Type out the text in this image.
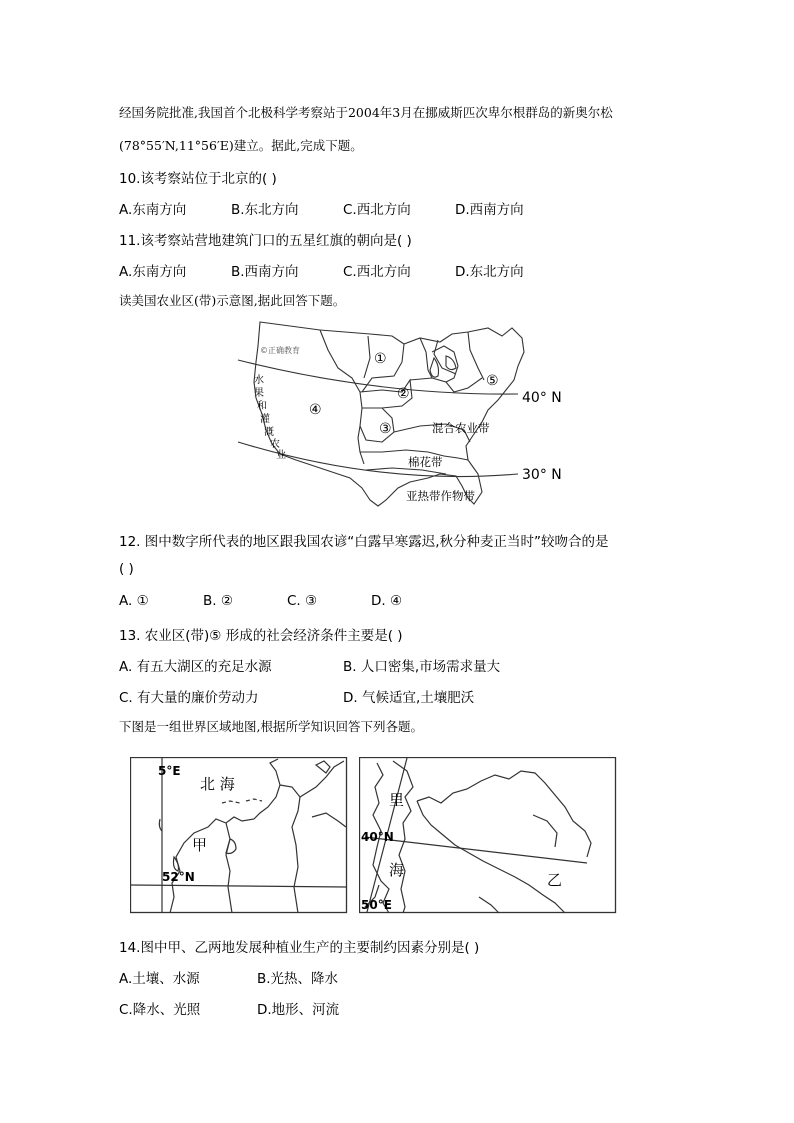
经国务院批准,我国首个北极科学考察站于2004年3月在挪威斯匹次卑尔根群岛的新奥尔松
(78°55′N,11°56′E)建立。据此,完成下题。
10.该考察站位于北京的( )
A.东南方向	B.东北方向	C.西北方向	D.西南方向
11.该考察站营地建筑门口的五星红旗的朝向是( )
A.东南方向	B.西南方向	C.西北方向	D.东北方向
读美国农业区(带)示意图,据此回答下题。
©正确教育
①
②
③
④
⑤
40° N
30° N
混合农业带
棉花带
亚热带作物带
水
果
和
灌
溉
农
业
12. 图中数字所代表的地区跟我国农谚“白露早寒露迟,秋分种麦正当时”较吻合的是
( )
A. ①	B. ②	C. ③	D. ④
13. 农业区(带)⑤ 形成的社会经济条件主要是( )
A. 有五大湖区的充足水源	B. 人口密集,市场需求量大
C. 有大量的廉价劳动力	D. 气候适宜,土壤肥沃
下图是一组世界区域地图,根据所学知识回答下列各题。
5°E
北 海
甲
52°N
里
海
40°N
50°E
乙
14.图中甲、乙两地发展种植业生产的主要制约因素分别是( )
A.土壤、水源	B.光热、降水
C.降水、光照	D.地形、河流
